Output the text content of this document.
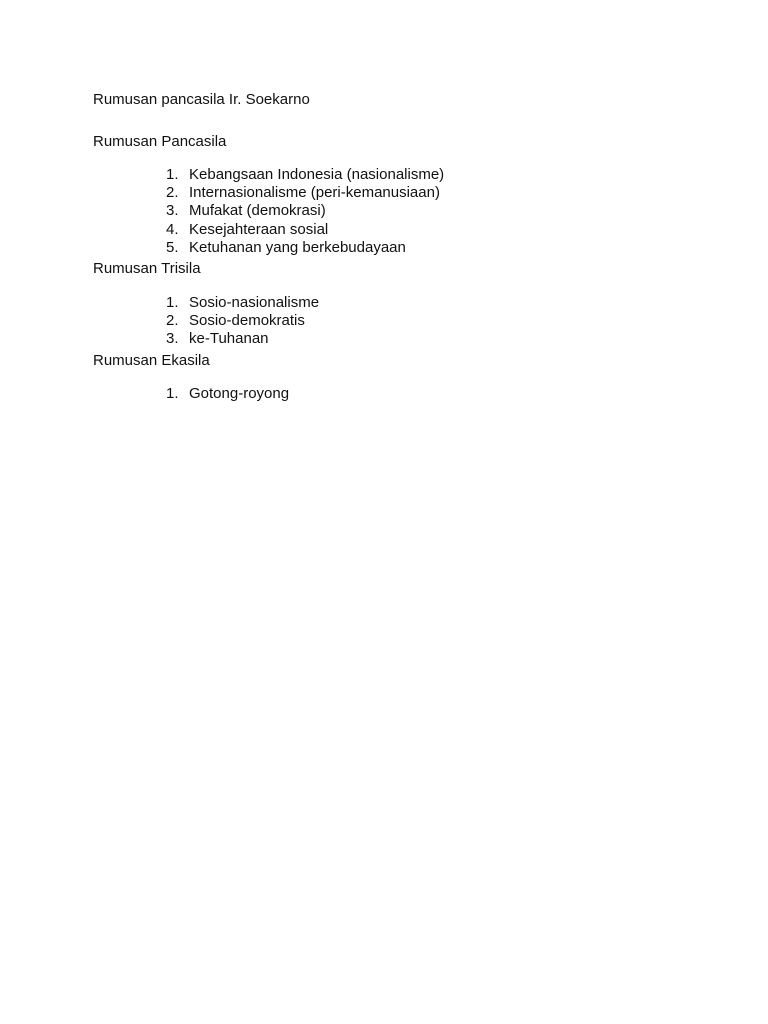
Rumusan pancasila Ir. Soekarno
Rumusan Pancasila
1. Kebangsaan Indonesia (nasionalisme)
2. Internasionalisme (peri-kemanusiaan)
3. Mufakat (demokrasi)
4. Kesejahteraan sosial
5. Ketuhanan yang berkebudayaan
Rumusan Trisila
1. Sosio-nasionalisme
2. Sosio-demokratis
3. ke-Tuhanan
Rumusan Ekasila
1. Gotong-royong
